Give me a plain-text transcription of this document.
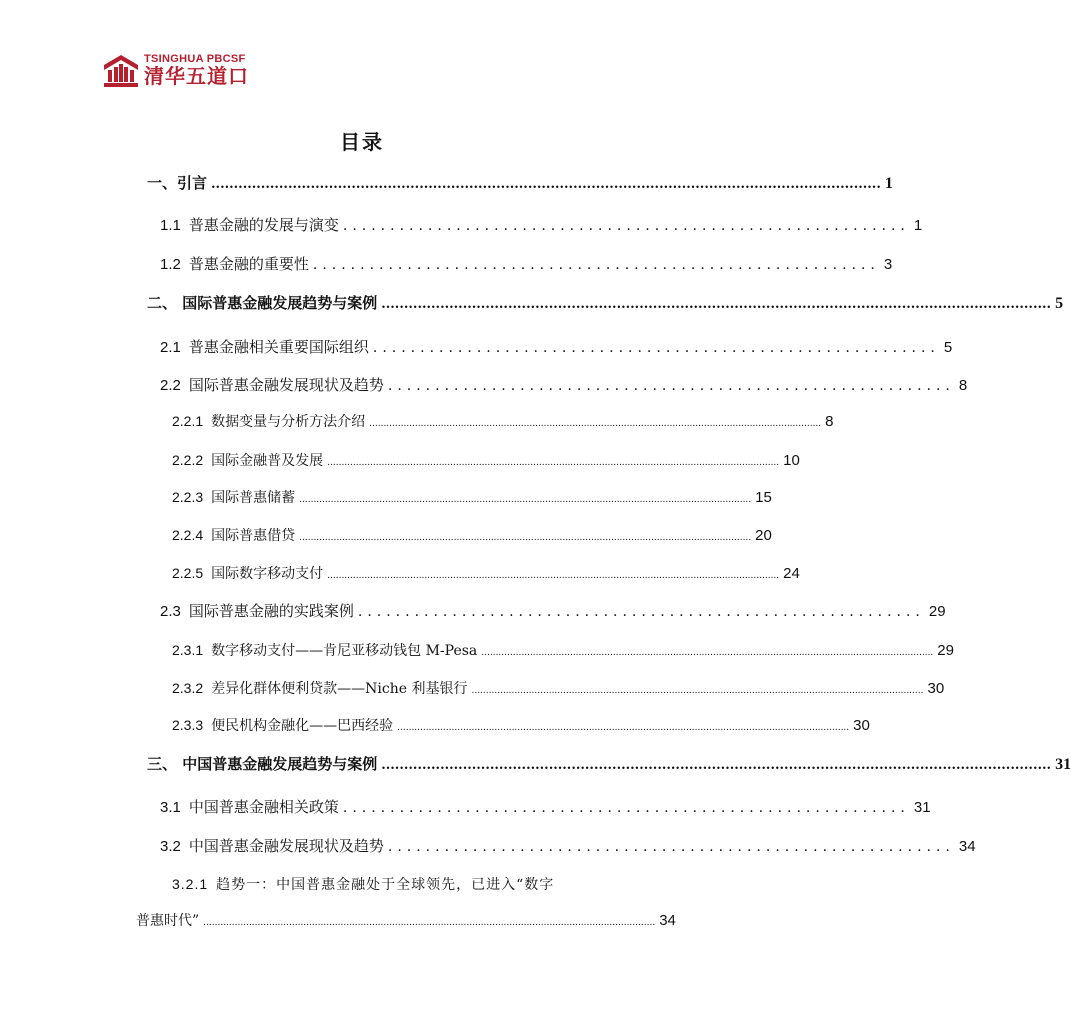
TSINGHUA PBCSF
清华五道口
目录
一、引言 .................................................................................................................................................... 1
1.1 普惠金融的发展与演变 ............................................................ 1
1.2 普惠金融的重要性 ............................................................ 3
二、 国际普惠金融发展趋势与案例 .................................................................................................................................................... 5
2.1 普惠金融相关重要国际组织 ............................................................ 5
2.2 国际普惠金融发展现状及趋势 ............................................................ 8
2.2.1 数据变量与分析方法介绍 .............................................................................................................................................................. 8
2.2.2 国际金融普及发展 .............................................................................................................................................................. 10
2.2.3 国际普惠储蓄 .............................................................................................................................................................. 15
2.2.4 国际普惠借贷 .............................................................................................................................................................. 20
2.2.5 国际数字移动支付 .............................................................................................................................................................. 24
2.3 国际普惠金融的实践案例 ............................................................ 29
2.3.1 数字移动支付——肯尼亚移动钱包 M-Pesa .............................................................................................................................................................. 29
2.3.2 差异化群体便利贷款——Niche 利基银行 .............................................................................................................................................................. 30
2.3.3 便民机构金融化——巴西经验 .............................................................................................................................................................. 30
三、 中国普惠金融发展趋势与案例 .................................................................................................................................................... 31
3.1 中国普惠金融相关政策 ............................................................ 31
3.2 中国普惠金融发展现状及趋势 ............................................................ 34
3.2.1 趋势一：中国普惠金融处于全球领先，已进入“数字
普惠时代” .............................................................................................................................................................. 34
